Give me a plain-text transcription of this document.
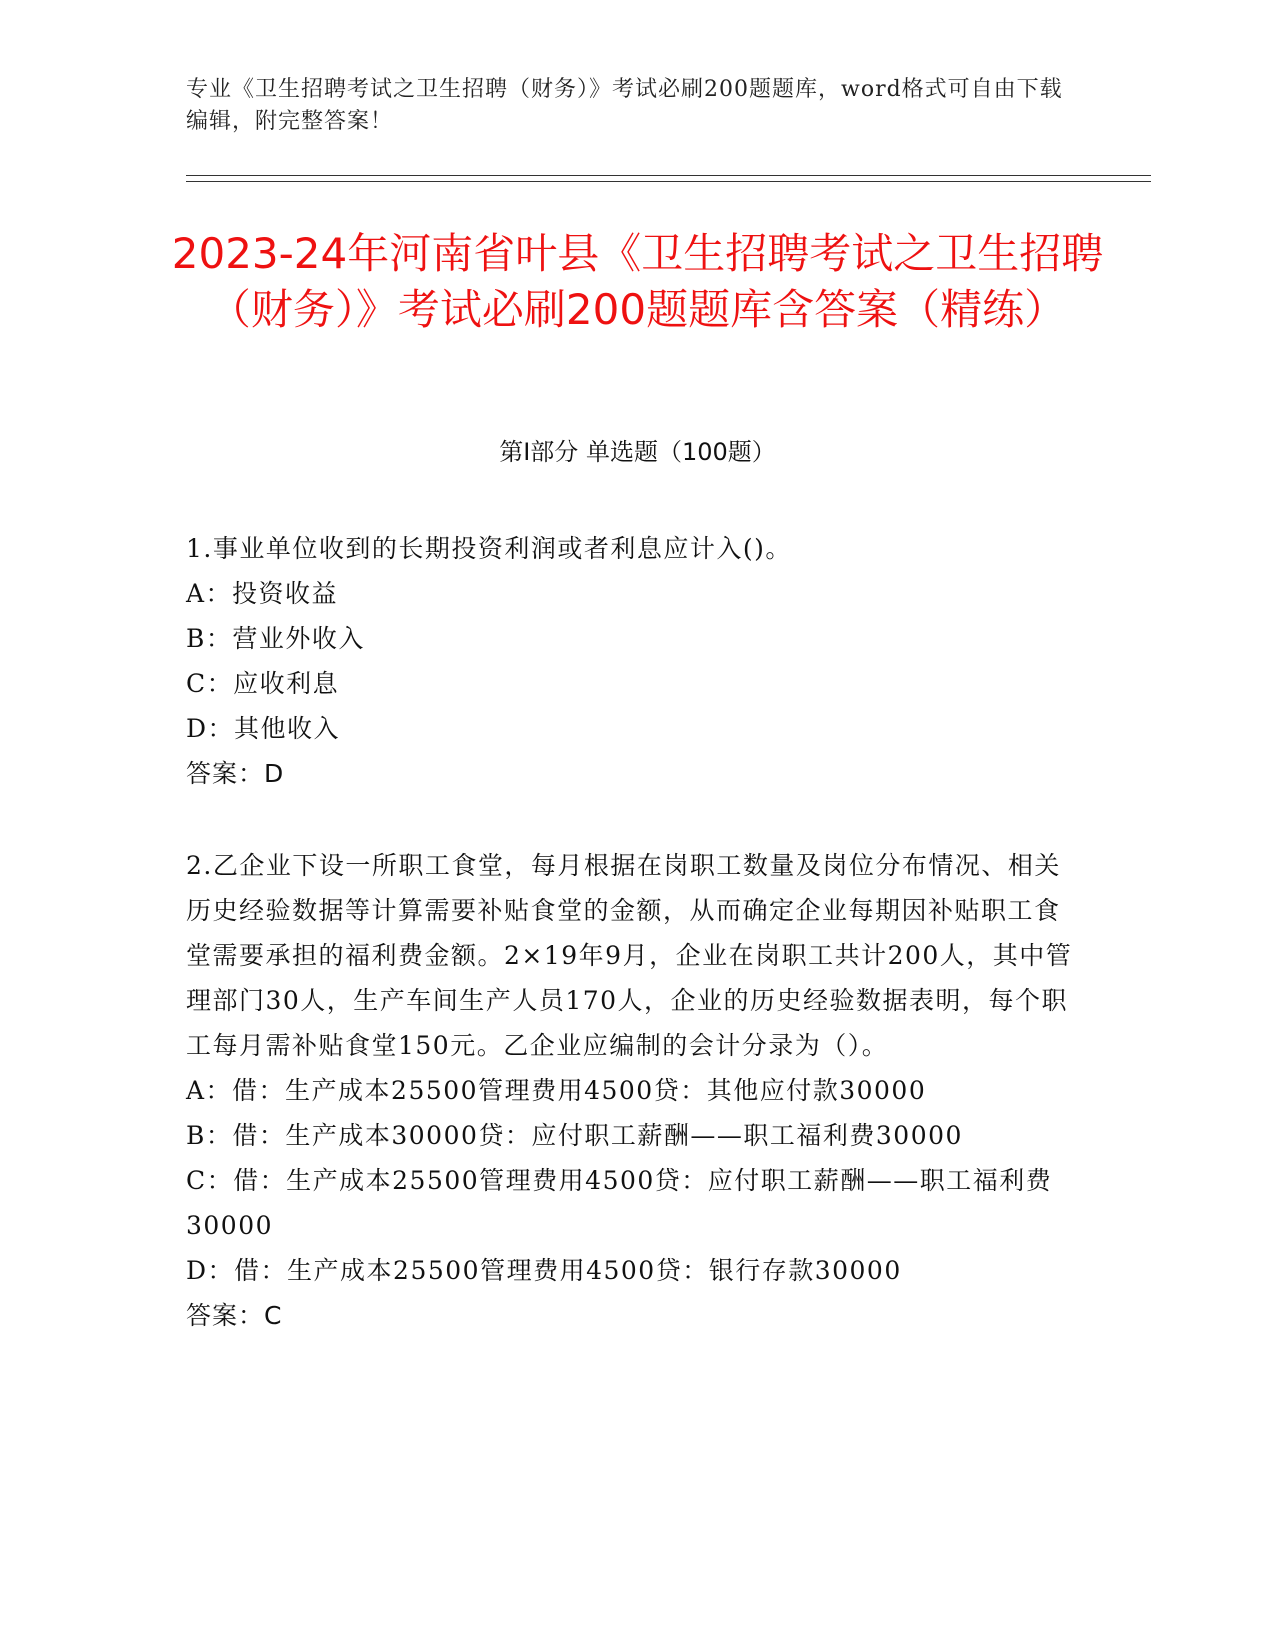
专业《卫生招聘考试之卫生招聘（财务）》考试必刷200题题库，word格式可自由下载编辑，附完整答案！
2023-24年河南省叶县《卫生招聘考试之卫生招聘（财务）》考试必刷200题题库含答案（精练）
第I部分 单选题（100题）

1.事业单位收到的长期投资利润或者利息应计入()。

A：投资收益

B：营业外收入

C：应收利息

D：其他收入

答案：D

2.乙企业下设一所职工食堂，每月根据在岗职工数量及岗位分布情况、相关历史经验数据等计算需要补贴食堂的金额，从而确定企业每期因补贴职工食堂需要承担的福利费金额。2×19年9月，企业在岗职工共计200人，其中管理部门30人，生产车间生产人员170人，企业的历史经验数据表明，每个职工每月需补贴食堂150元。乙企业应编制的会计分录为（）。

A：借：生产成本25500管理费用4500贷：其他应付款30000

B：借：生产成本30000贷：应付职工薪酬——职工福利费30000

C：借：生产成本25500管理费用4500贷：应付职工薪酬——职工福利费30000

D：借：生产成本25500管理费用4500贷：银行存款30000

答案：C
